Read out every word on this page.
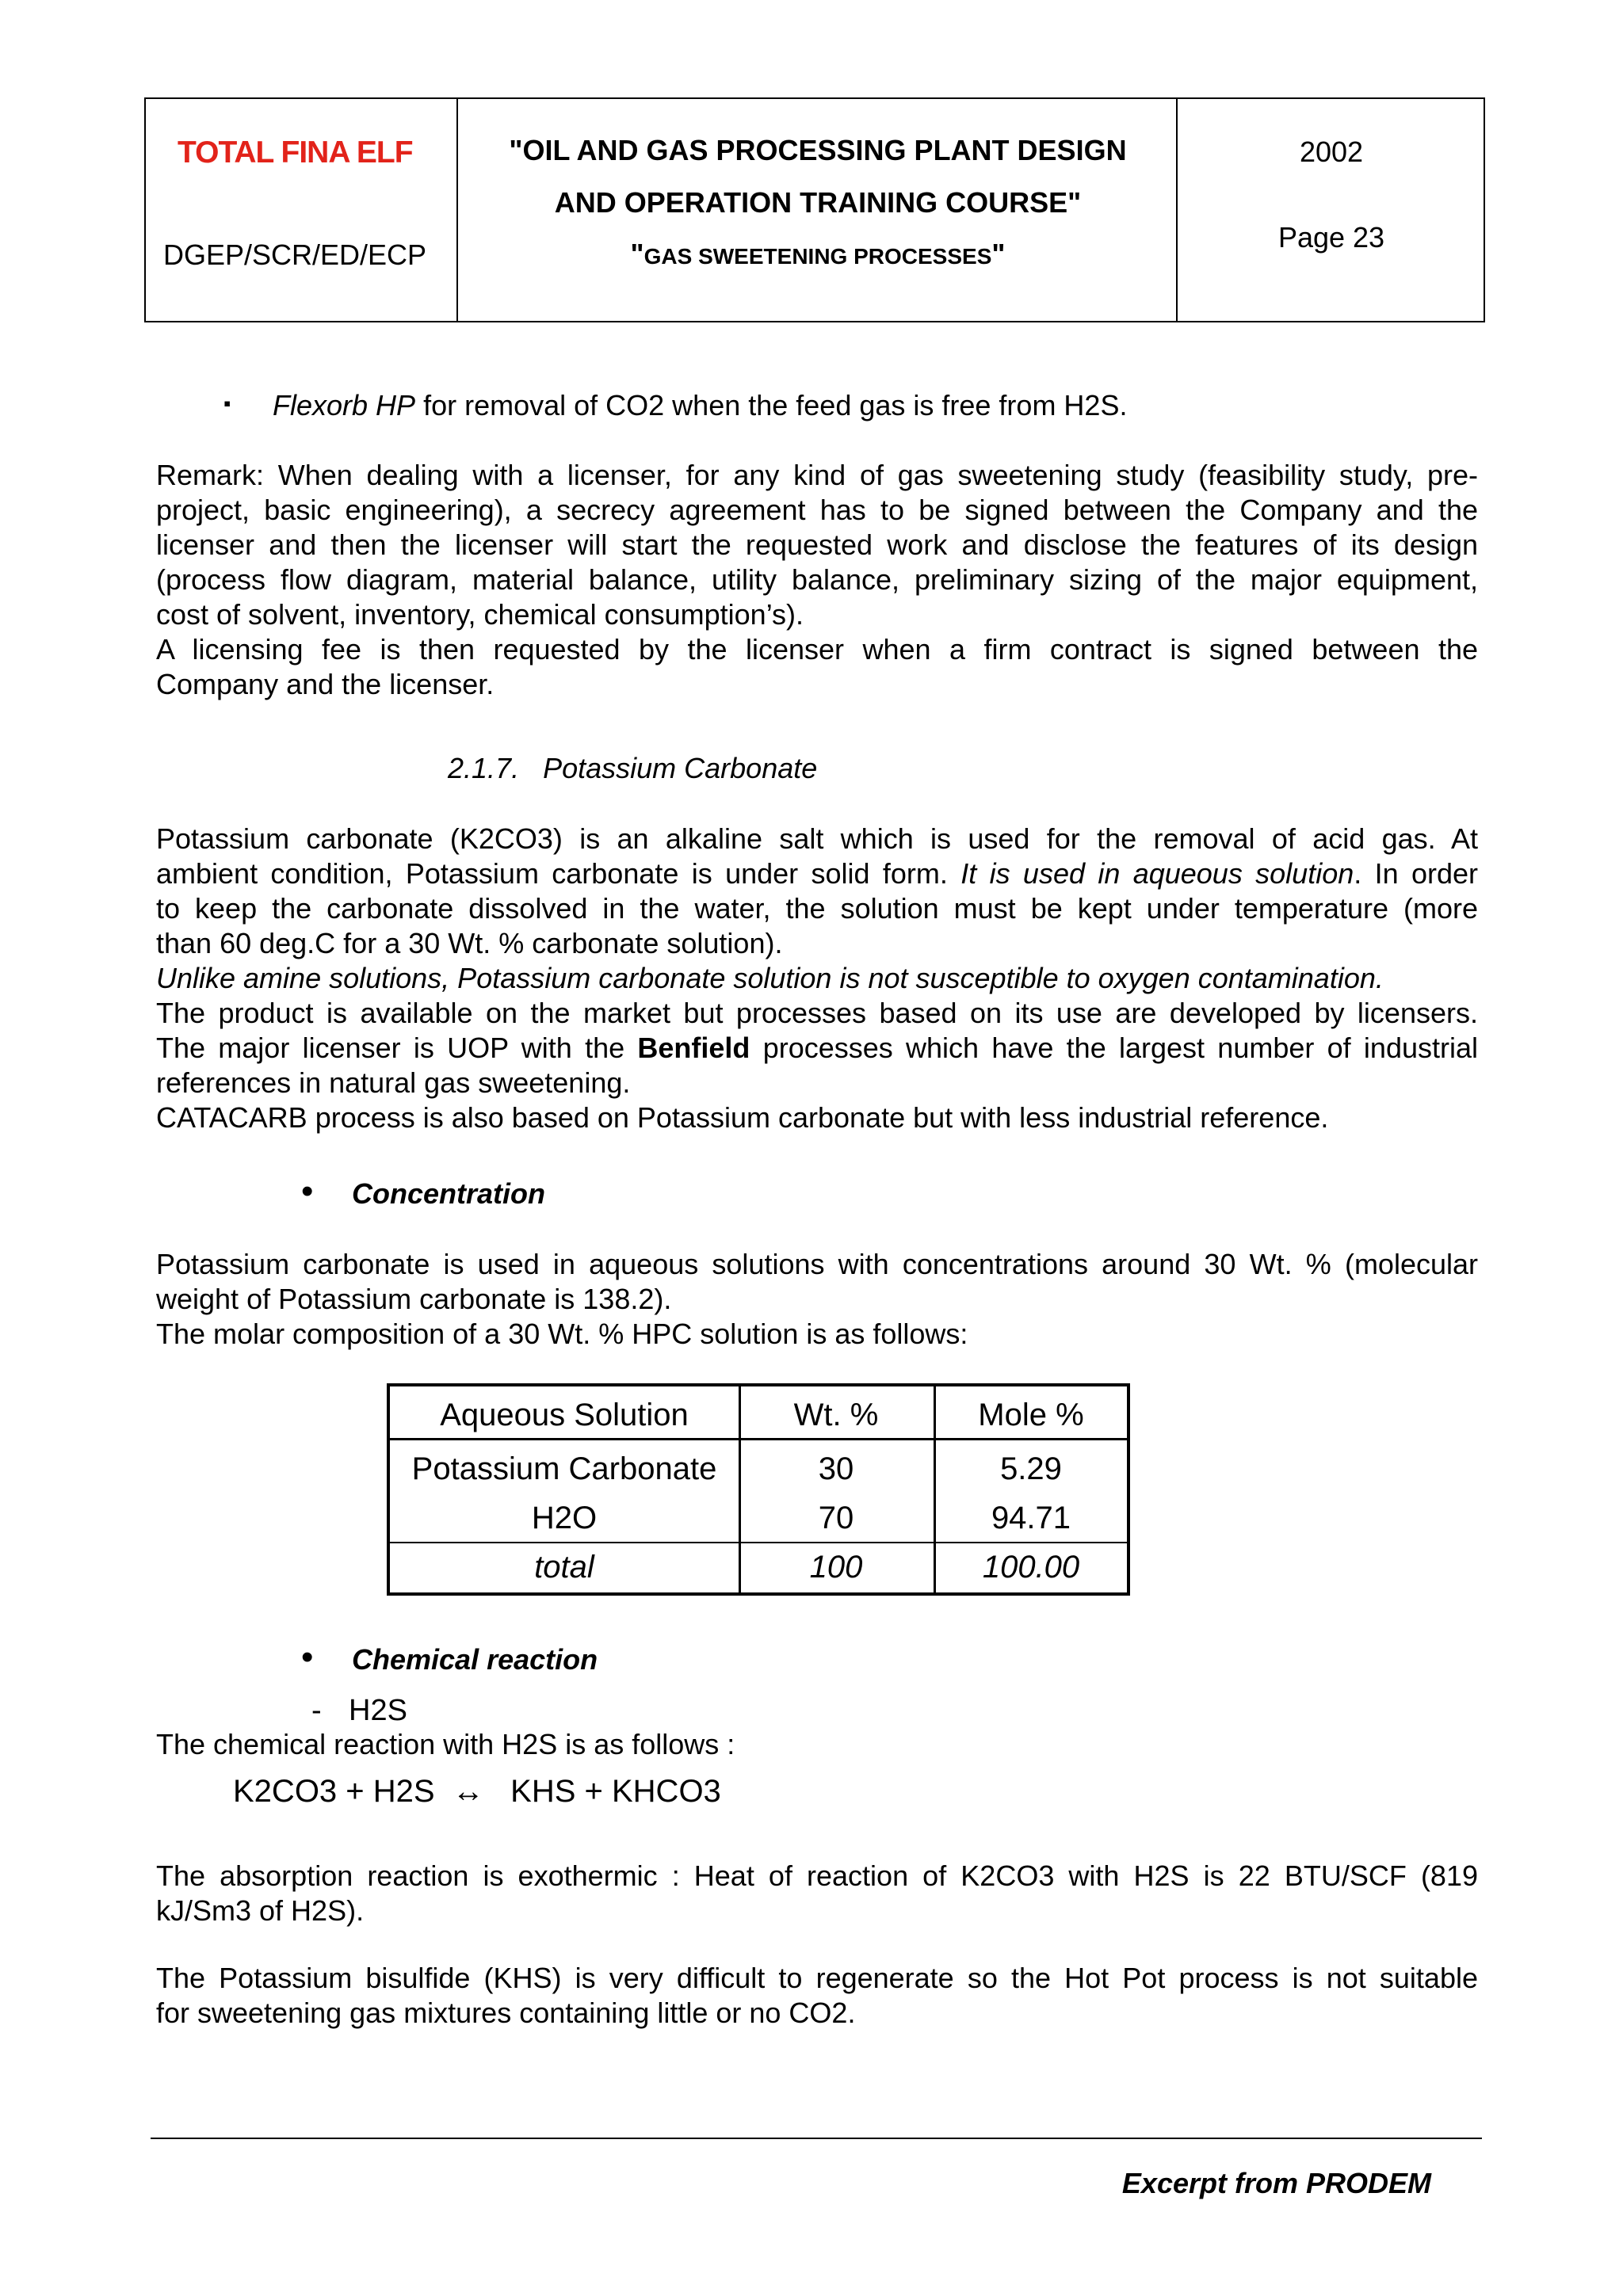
TOTAL FINA ELF
DGEP/SCR/ED/ECP
"OIL AND GAS PROCESSING PLANT DESIGN
AND OPERATION TRAINING COURSE"
"GAS SWEETENING PROCESSES"
2002
Page 23
▪ Flexorb HP for removal of CO2 when the feed gas is free from H2S.
Remark: When dealing with a licenser, for any kind of gas sweetening study (feasibility study, pre-
project, basic engineering), a secrecy agreement has to be signed between the Company and the
licenser and then the licenser will start the requested work and disclose the features of its design
(process flow diagram, material balance, utility balance, preliminary sizing of the major equipment,
cost of solvent, inventory, chemical consumption’s).
A licensing fee is then requested by the licenser when a firm contract is signed between the
Company and the licenser.
2.1.7.   Potassium Carbonate
Potassium carbonate (K2CO3) is an alkaline salt which is used for the removal of acid gas. At
ambient condition, Potassium carbonate is under solid form. It is used in aqueous solution. In order
to keep the carbonate dissolved in the water, the solution must be kept under temperature (more
than 60 deg.C for a 30 Wt. % carbonate solution).
Unlike amine solutions, Potassium carbonate solution is not susceptible to oxygen contamination.
The product is available on the market but processes based on its use are developed by licensers.
The major licenser is UOP with the Benfield processes which have the largest number of industrial
references in natural gas sweetening.
CATACARB process is also based on Potassium carbonate but with less industrial reference.
• Concentration
Potassium carbonate is used in aqueous solutions with concentrations around 30 Wt. % (molecular
weight of Potassium carbonate is 138.2).
The molar composition of a 30 Wt. % HPC solution is as follows:
Aqueous Solution	Wt. %	Mole %
Potassium Carbonate	30	5.29
H2O	70	94.71
total	100	100.00
• Chemical reaction
- H2S
The chemical reaction with H2S is as follows :
K2CO3 + H2S ↔ KHS + KHCO3
The absorption reaction is exothermic : Heat of reaction of K2CO3 with H2S is 22 BTU/SCF (819
kJ/Sm3 of H2S).
The Potassium bisulfide (KHS) is very difficult to regenerate so the Hot Pot process is not suitable
for sweetening gas mixtures containing little or no CO2.
Excerpt from PRODEM
